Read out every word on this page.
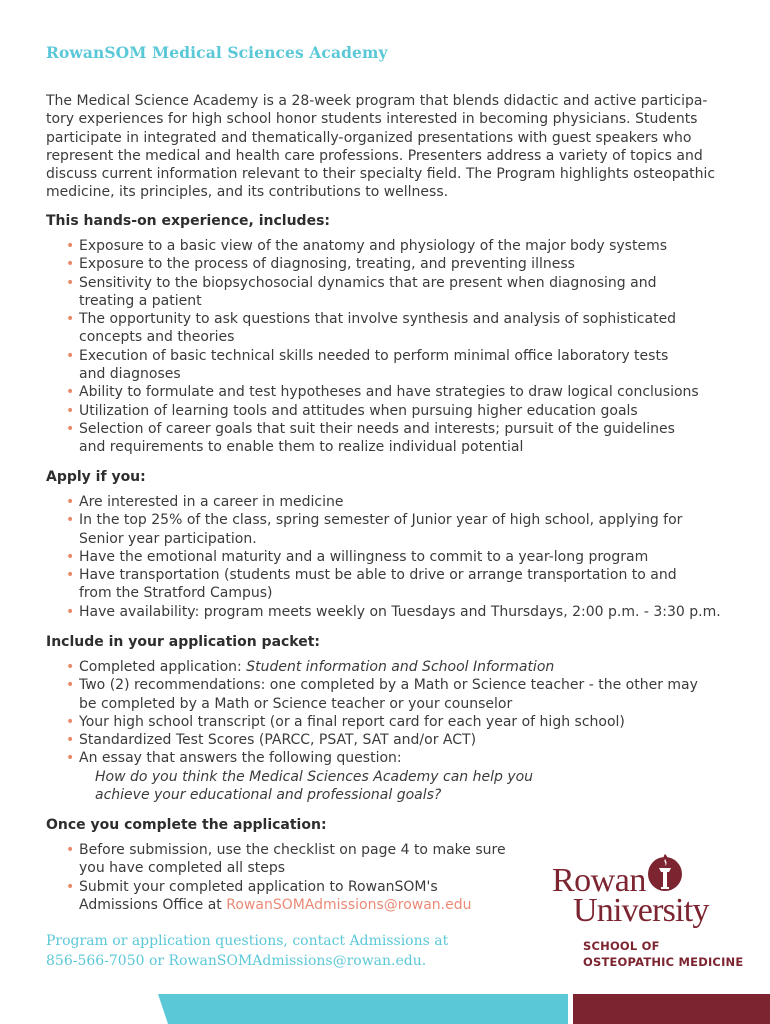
RowanSOM Medical Sciences Academy
The Medical Science Academy is a 28-week program that blends didactic and active participa-
tory experiences for high school honor students interested in becoming physicians. Students
participate in integrated and thematically-organized presentations with guest speakers who
represent the medical and health care professions. Presenters address a variety of topics and
discuss current information relevant to their specialty field. The Program highlights osteopathic
medicine, its principles, and its contributions to wellness.
This hands-on experience, includes:
• Exposure to a basic view of the anatomy and physiology of the major body systems
• Exposure to the process of diagnosing, treating, and preventing illness
• Sensitivity to the biopsychosocial dynamics that are present when diagnosing and
treating a patient
• The opportunity to ask questions that involve synthesis and analysis of sophisticated
concepts and theories
• Execution of basic technical skills needed to perform minimal office laboratory tests
and diagnoses
• Ability to formulate and test hypotheses and have strategies to draw logical conclusions
• Utilization of learning tools and attitudes when pursuing higher education goals
• Selection of career goals that suit their needs and interests; pursuit of the guidelines
and requirements to enable them to realize individual potential
Apply if you:
• Are interested in a career in medicine
• In the top 25% of the class, spring semester of Junior year of high school, applying for
Senior year participation.
• Have the emotional maturity and a willingness to commit to a year-long program
• Have transportation (students must be able to drive or arrange transportation to and
from the Stratford Campus)
• Have availability: program meets weekly on Tuesdays and Thursdays, 2:00 p.m. - 3:30 p.m.
Include in your application packet:
• Completed application: Student information and School Information
• Two (2) recommendations: one completed by a Math or Science teacher - the other may
be completed by a Math or Science teacher or your counselor
• Your high school transcript (or a final report card for each year of high school)
• Standardized Test Scores (PARCC, PSAT, SAT and/or ACT)
• An essay that answers the following question:
How do you think the Medical Sciences Academy can help you
achieve your educational and professional goals?
Once you complete the application:
• Before submission, use the checklist on page 4 to make sure
you have completed all steps
• Submit your completed application to RowanSOM's
Admissions Office at RowanSOMAdmissions@rowan.edu
Program or application questions, contact Admissions at
856-566-7050 or RowanSOMAdmissions@rowan.edu.
Rowan
University
SCHOOL OF
OSTEOPATHIC MEDICINE
